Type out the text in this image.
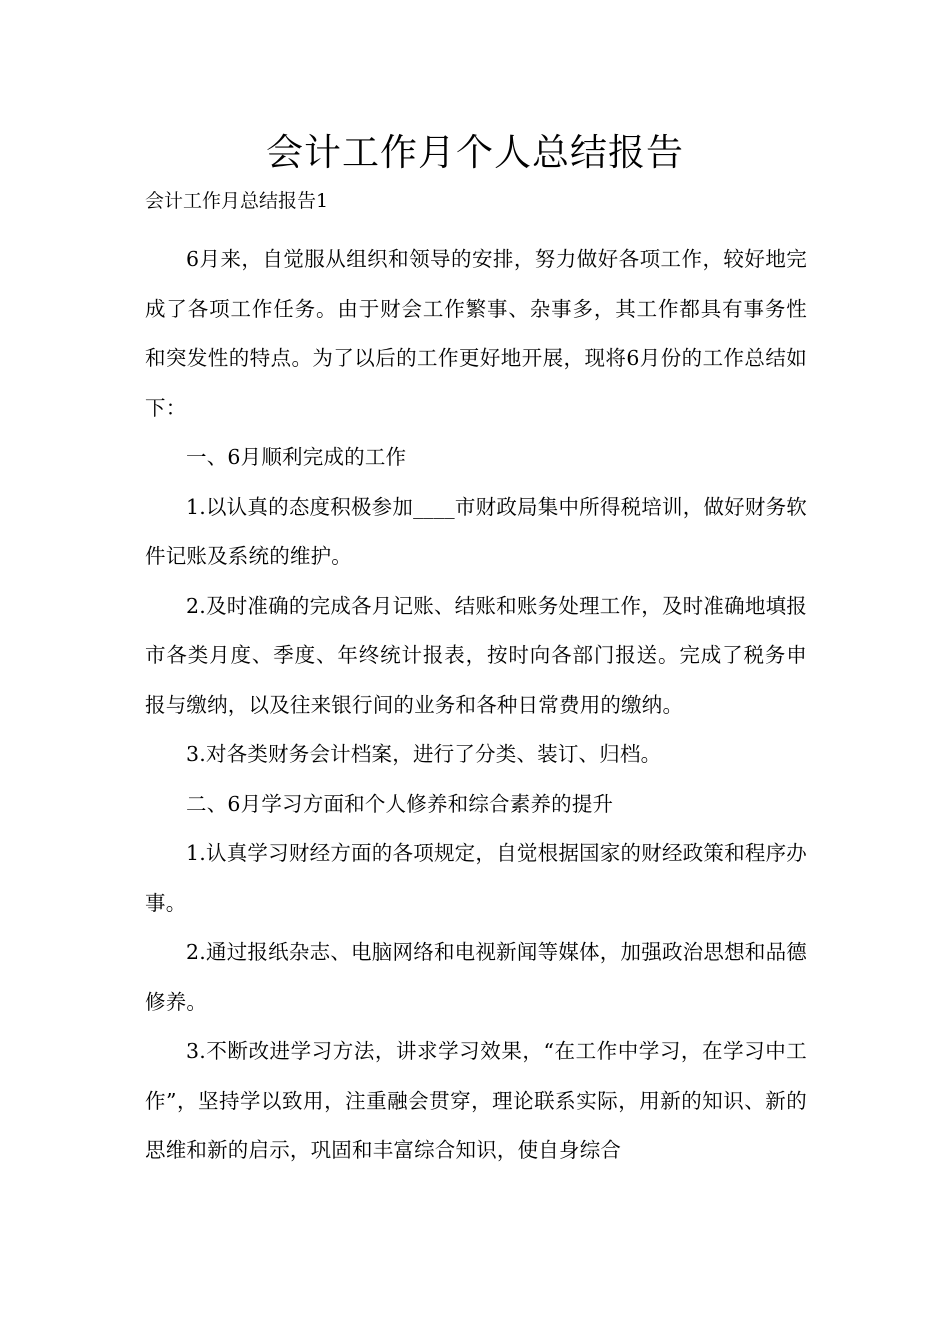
会计工作月个人总结报告

会计工作月总结报告1

6月来，自觉服从组织和领导的安排，努力做好各项工作，较好地完成了各项工作任务。由于财会工作繁事、杂事多，其工作都具有事务性和突发性的特点。为了以后的工作更好地开展，现将6月份的工作总结如下：

一、6月顺利完成的工作

1.以认真的态度积极参加____市财政局集中所得税培训，做好财务软件记账及系统的维护。

2.及时准确的完成各月记账、结账和账务处理工作，及时准确地填报市各类月度、季度、年终统计报表，按时向各部门报送。完成了税务申报与缴纳，以及往来银行间的业务和各种日常费用的缴纳。

3.对各类财务会计档案，进行了分类、装订、归档。

二、6月学习方面和个人修养和综合素养的提升

1.认真学习财经方面的各项规定，自觉根据国家的财经政策和程序办事。

2.通过报纸杂志、电脑网络和电视新闻等媒体，加强政治思想和品德修养。

3.不断改进学习方法，讲求学习效果，“在工作中学习，在学习中工作”，坚持学以致用，注重融会贯穿，理论联系实际，用新的知识、新的思维和新的启示，巩固和丰富综合知识，使自身综合
